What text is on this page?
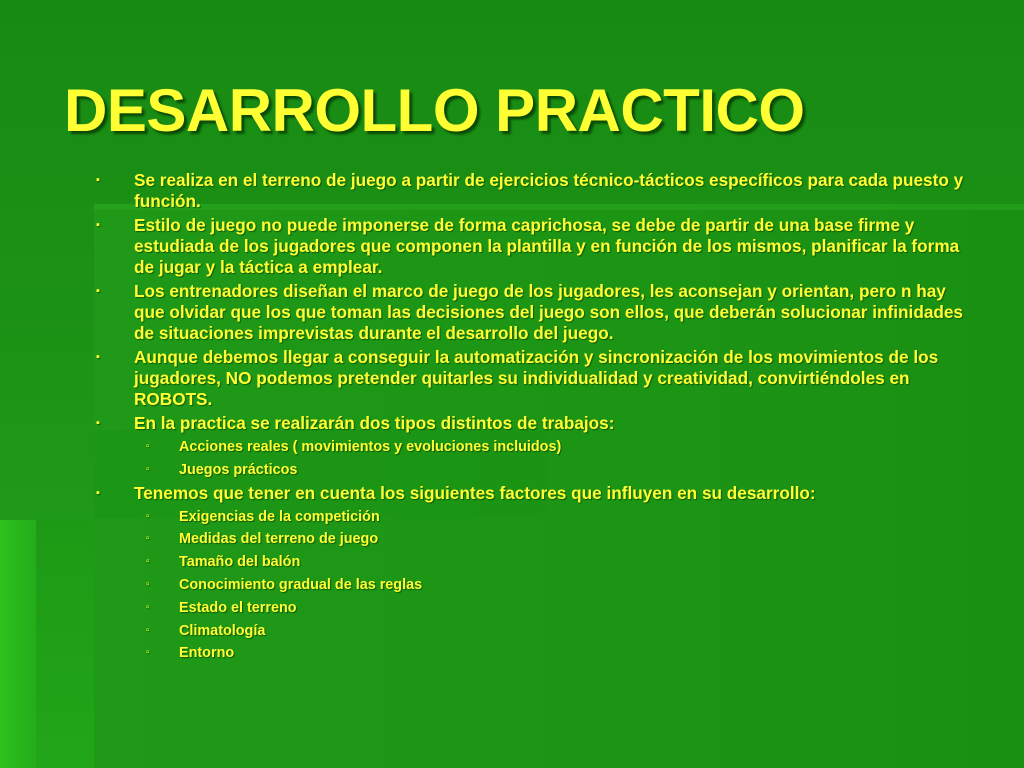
DESARROLLO PRACTICO
▪	Se realiza en el terreno de juego a partir de ejercicios técnico-tácticos específicos para cada puesto y función.
▪	Estilo de juego no puede imponerse de forma caprichosa, se debe de partir de una base firme y estudiada de los jugadores que componen la plantilla y en función de los mismos, planificar la forma de jugar y la táctica a emplear.
▪	Los entrenadores diseñan el marco de juego de los jugadores, les aconsejan y orientan, pero n hay que olvidar que los que toman las decisiones del juego son ellos, que deberán solucionar infinidades de situaciones imprevistas durante el desarrollo del juego.
▪	Aunque debemos llegar a conseguir la automatización y sincronización de los movimientos de los jugadores, NO podemos pretender quitarles su individualidad y creatividad, convirtiéndoles en ROBOTS.
▪	En la practica se realizarán dos tipos distintos de trabajos:
▫ Acciones reales ( movimientos y evoluciones incluidos)
▫ Juegos prácticos
▪	Tenemos que tener en cuenta los siguientes factores que influyen en su desarrollo:
▫ Exigencias de la competición
▫ Medidas del terreno de juego
▫ Tamaño del balón
▫ Conocimiento gradual de las reglas
▫ Estado el terreno
▫ Climatología
▫ Entorno
